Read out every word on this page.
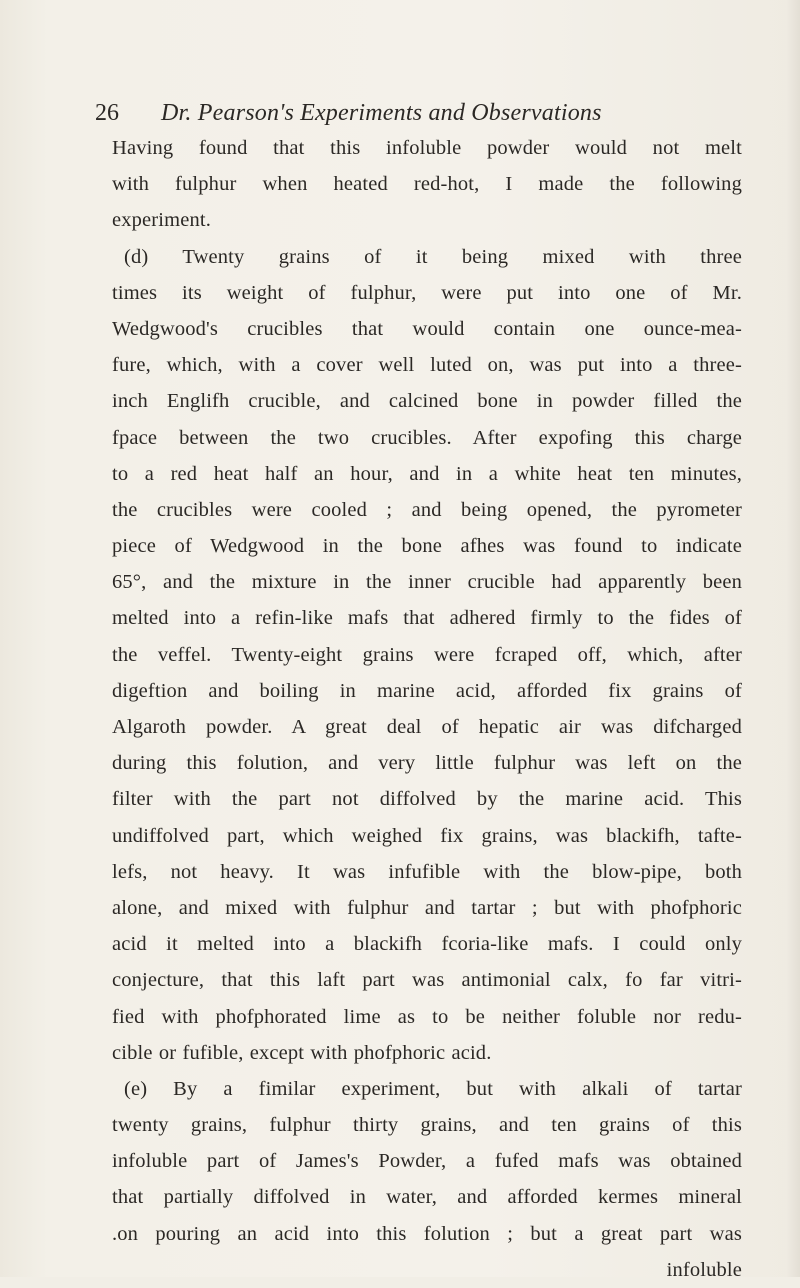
26 Dr. Pearson's Experiments and Observations
Having found that this infoluble powder would not melt
with fulphur when heated red-hot, I made the following
experiment.
(d) Twenty grains of it being mixed with three
times its weight of fulphur, were put into one of Mr.
Wedgwood's crucibles that would contain one ounce-mea-
fure, which, with a cover well luted on, was put into a three-
inch Englifh crucible, and calcined bone in powder filled the
fpace between the two crucibles. After expofing this charge
to a red heat half an hour, and in a white heat ten minutes,
the crucibles were cooled ; and being opened, the pyrometer
piece of Wedgwood in the bone afhes was found to indicate
65°, and the mixture in the inner crucible had apparently been
melted into a refin-like mafs that adhered firmly to the fides of
the veffel. Twenty-eight grains were fcraped off, which, after
digeftion and boiling in marine acid, afforded fix grains of
Algaroth powder. A great deal of hepatic air was difcharged
during this folution, and very little fulphur was left on the
filter with the part not diffolved by the marine acid. This
undiffolved part, which weighed fix grains, was blackifh, tafte-
lefs, not heavy. It was infufible with the blow-pipe, both
alone, and mixed with fulphur and tartar ; but with phofphoric
acid it melted into a blackifh fcoria-like mafs. I could only
conjecture, that this laft part was antimonial calx, fo far vitri-
fied with phofphorated lime as to be neither foluble nor redu-
cible or fufible, except with phofphoric acid.
(e) By a fimilar experiment, but with alkali of tartar
twenty grains, fulphur thirty grains, and ten grains of this
infoluble part of James's Powder, a fufed mafs was obtained
that partially diffolved in water, and afforded kermes mineral
.on pouring an acid into this folution ; but a great part was
infoluble
